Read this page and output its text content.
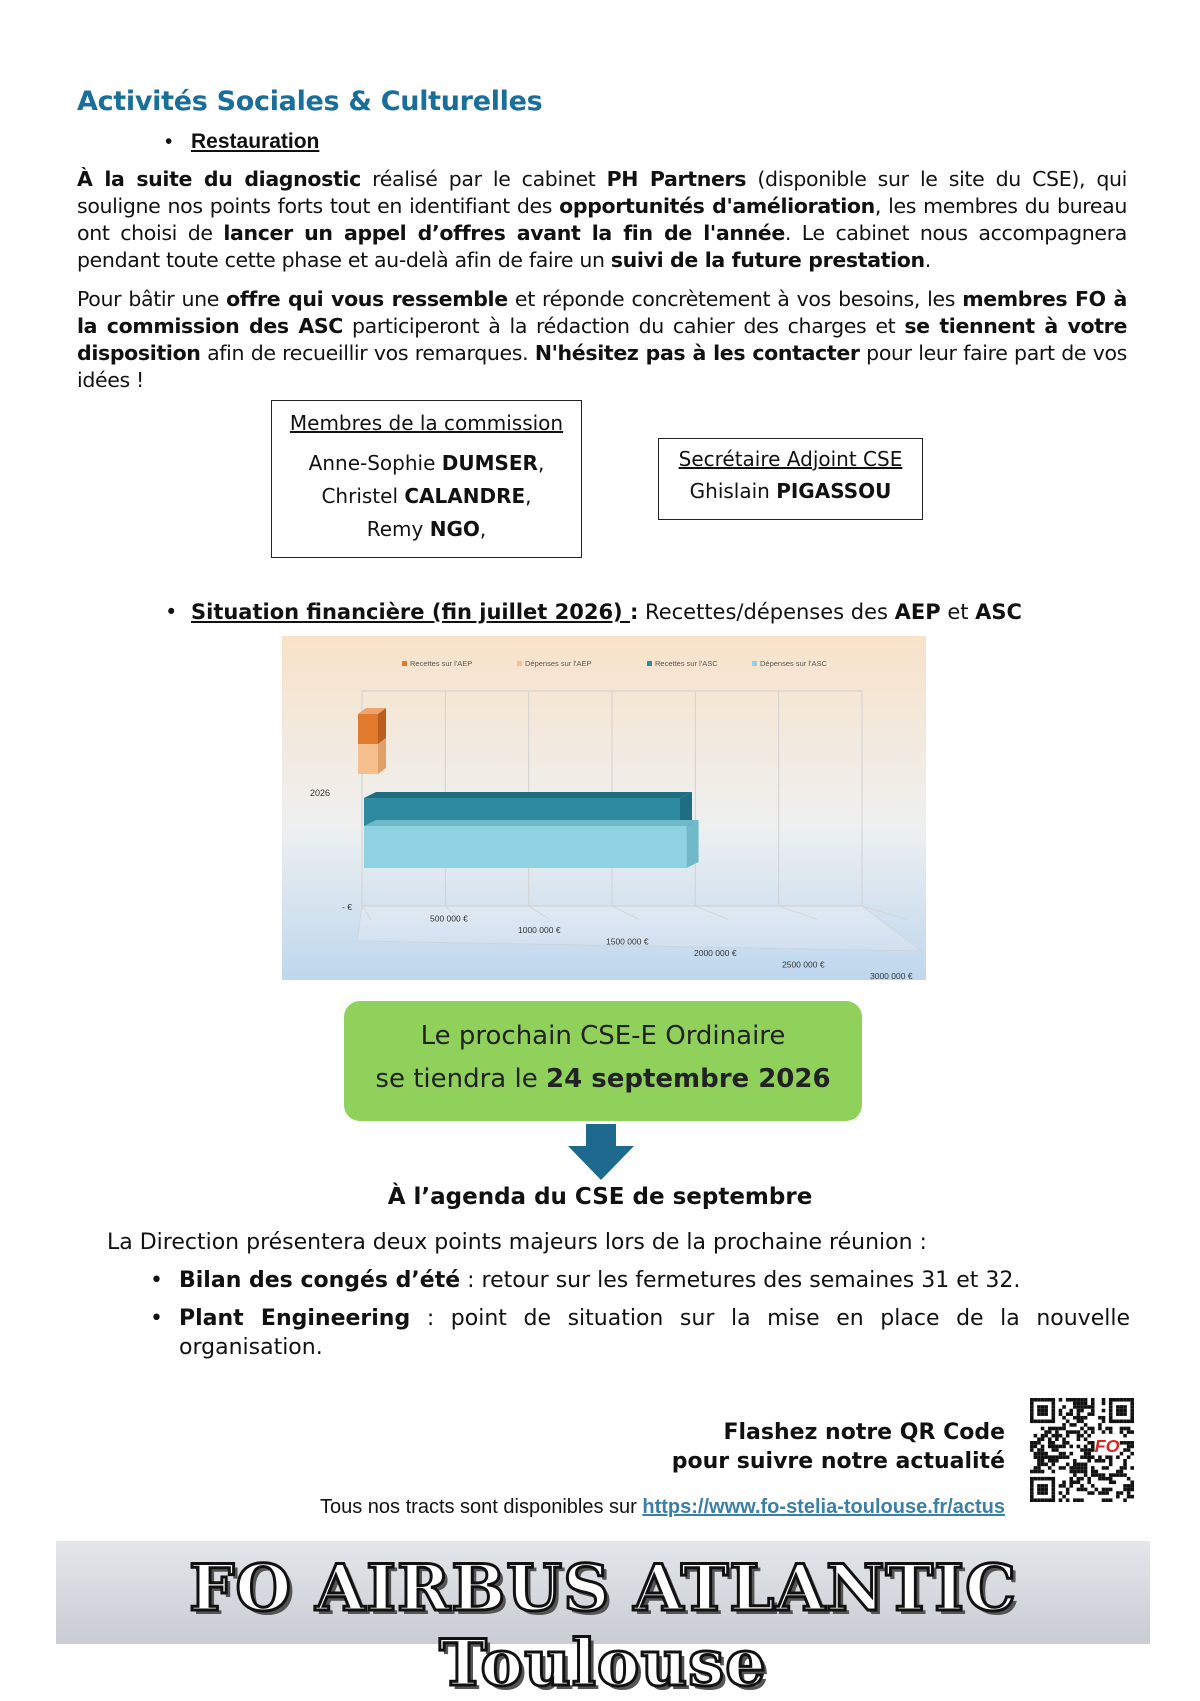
Activités Sociales & Culturelles
• Restauration
À la suite du diagnostic réalisé par le cabinet PH Partners (disponible sur le site du CSE), qui souligne nos points forts tout en identifiant des opportunités d'amélioration, les membres du bureau ont choisi de lancer un appel d’offres avant la fin de l'année. Le cabinet nous accompagnera pendant toute cette phase et au-delà afin de faire un suivi de la future prestation.
Pour bâtir une offre qui vous ressemble et réponde concrètement à vos besoins, les membres FO à la commission des ASC participeront à la rédaction du cahier des charges et se tiennent à votre disposition afin de recueillir vos remarques. N'hésitez pas à les contacter pour leur faire part de vos idées !
Membres de la commission
Anne-Sophie DUMSER,
Christel CALANDRE,
Remy NGO,
Secrétaire Adjoint CSE
Ghislain PIGASSOU
• Situation financière (fin juillet 2026) : Recettes/dépenses des AEP et ASC
Recettes sur l'AEP	Dépenses sur l'AEP	Recettes sur l'ASC	Dépenses sur l'ASC
- €
500 000 €
1000 000 €
1500 000 €
2000 000 €
2500 000 €
3000 000 €
2026
Le prochain CSE-E Ordinaire
se tiendra le 24 septembre 2026
À l’agenda du CSE de septembre
La Direction présentera deux points majeurs lors de la prochaine réunion :
• Bilan des congés d’été : retour sur les fermetures des semaines 31 et 32.
• Plant Engineering : point de situation sur la mise en place de la nouvelle organisation.
Flashez notre QR Code
pour suivre notre actualité
FO
Tous nos tracts sont disponibles sur https://www.fo-stelia-toulouse.fr/actus
FO AIRBUS ATLANTIC Toulouse
